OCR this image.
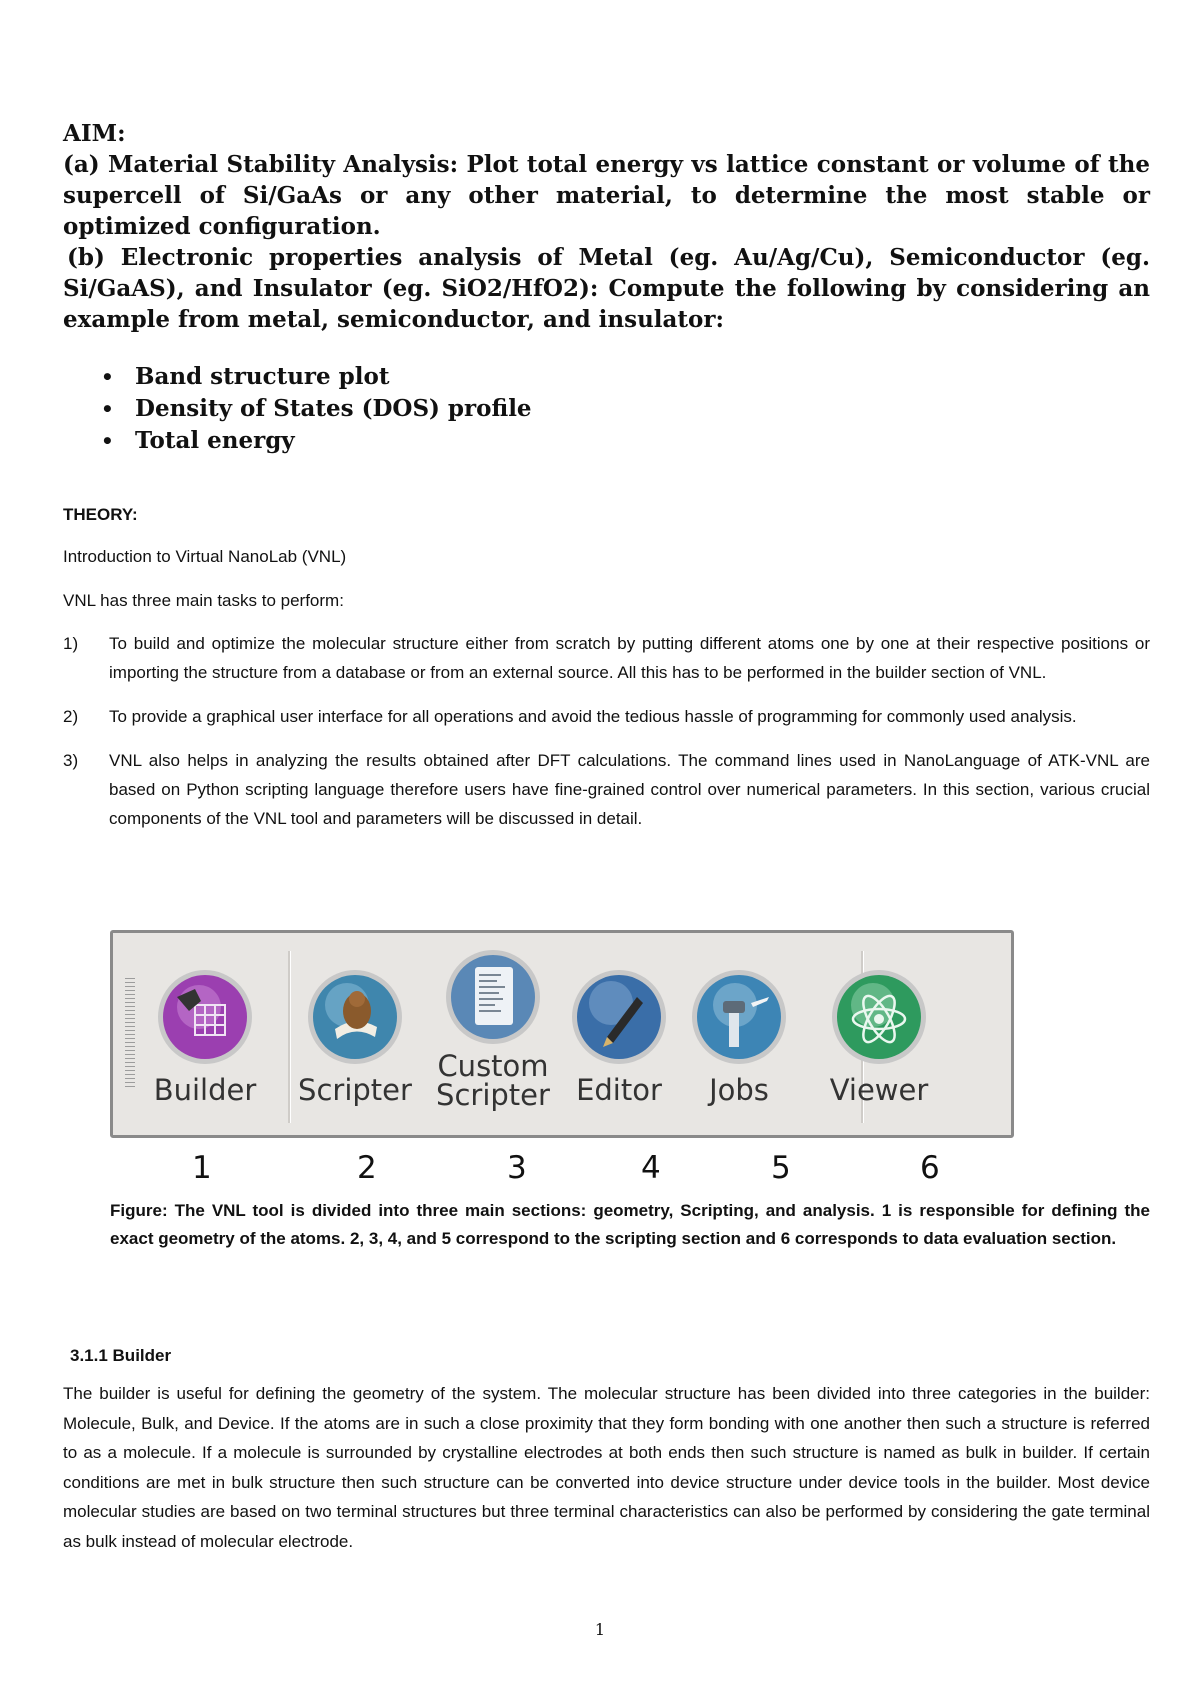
AIM:

(a) Material Stability Analysis: Plot total energy vs lattice constant or volume of the supercell of Si/GaAs or any other material, to determine the most stable or optimized configuration.

(b) Electronic properties analysis of Metal (eg. Au/Ag/Cu), Semiconductor (eg. Si/GaAS), and Insulator (eg. SiO2/HfO2): Compute the following by considering an example from metal, semiconductor, and insulator:

• Band structure plot
• Density of States (DOS) profile
• Total energy
THEORY:

Introduction to Virtual NanoLab (VNL)

VNL has three main tasks to perform:

1) To build and optimize the molecular structure either from scratch by putting different atoms one by one at their respective positions or importing the structure from a database or from an external source. All this has to be performed in the builder section of VNL.
2) To provide a graphical user interface for all operations and avoid the tedious hassle of programming for commonly used analysis.
3) VNL also helps in analyzing the results obtained after DFT calculations. The command lines used in NanoLanguage of ATK-VNL are based on Python scripting language therefore users have fine-grained control over numerical parameters. In this section, various crucial components of the VNL tool and parameters will be discussed in detail.
Builder	Scripter
Custom
Scripter Editor	Jobs	Viewer
1	2	3	4	5	6
Figure: The VNL tool is divided into three main sections: geometry, Scripting, and analysis. 1 is responsible for defining the exact geometry of the atoms. 2, 3, 4, and 5 correspond to the scripting section and 6 corresponds to data evaluation section.
3.1.1 Builder

The builder is useful for defining the geometry of the system. The molecular structure has been divided into three categories in the builder: Molecule, Bulk, and Device. If the atoms are in such a close proximity that they form bonding with one another then such a structure is referred to as a molecule. If a molecule is surrounded by crystalline electrodes at both ends then such structure is named as bulk in builder. If certain conditions are met in bulk structure then such structure can be converted into device structure under device tools in the builder. Most device molecular studies are based on two terminal structures but three terminal characteristics can also be performed by considering the gate terminal as bulk instead of molecular electrode.

1
